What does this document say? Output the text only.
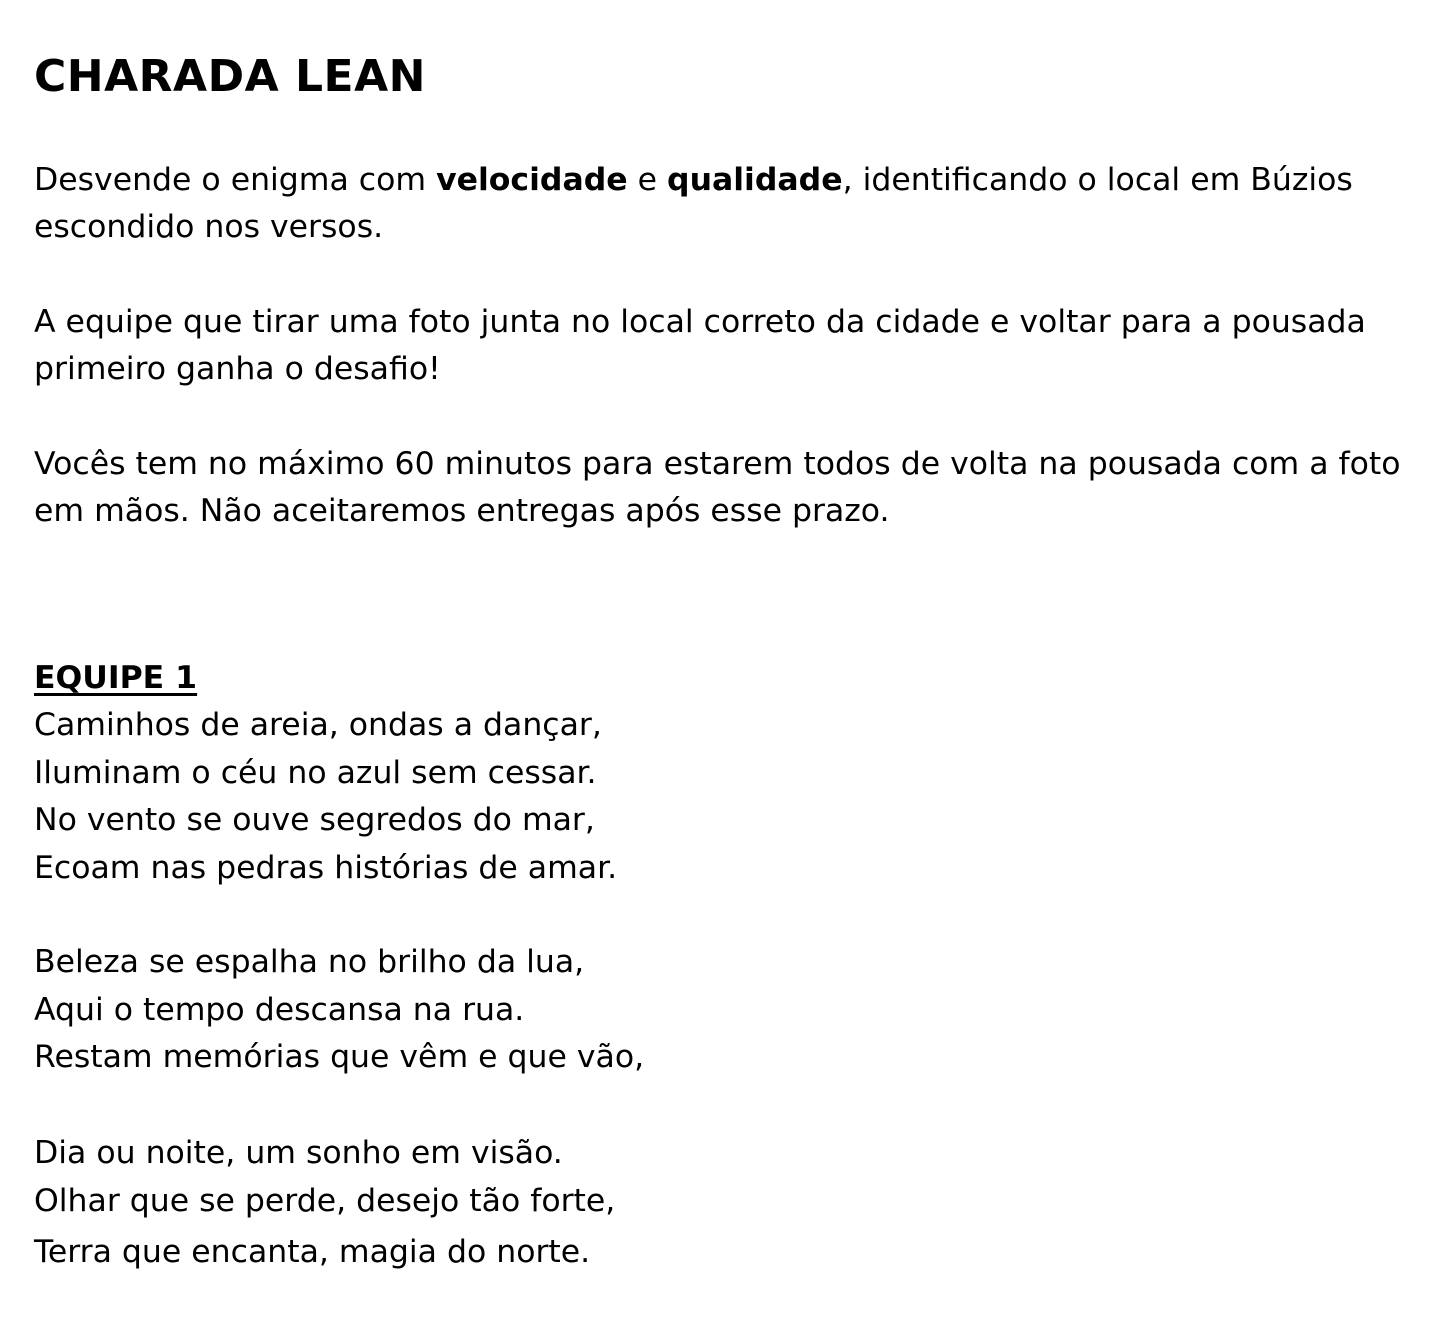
CHARADA LEAN

Desvende o enigma com velocidade e qualidade, identificando o local em Búzios escondido nos versos.

A equipe que tirar uma foto junta no local correto da cidade e voltar para a pousada primeiro ganha o desafio!

Vocês tem no máximo 60 minutos para estarem todos de volta na pousada com a foto em mãos. Não aceitaremos entregas após esse prazo.

EQUIPE 1
Caminhos de areia, ondas a dançar,
Iluminam o céu no azul sem cessar.
No vento se ouve segredos do mar,
Ecoam nas pedras histórias de amar.
Beleza se espalha no brilho da lua,
Aqui o tempo descansa na rua.
Restam memórias que vêm e que vão,
Dia ou noite, um sonho em visão.
Olhar que se perde, desejo tão forte,
Terra que encanta, magia do norte.
